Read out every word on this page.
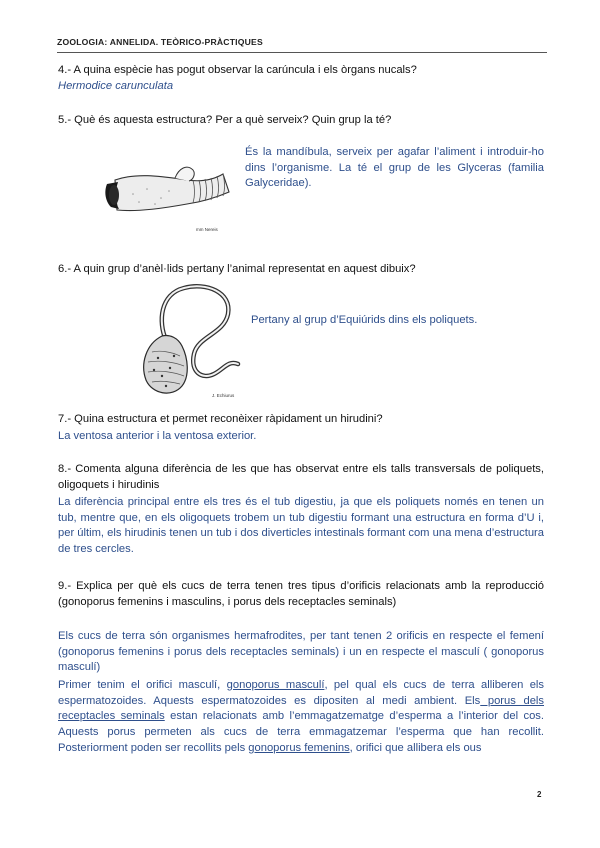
ZOOLOGIA: ANNELIDA. TEÒRICO-PRÀCTIQUES
4.- A quina espècie has pogut observar la carúncula i els òrgans nucals?
Hermodice carunculata
5.- Què és aquesta estructura? Per a què serveix? Quin grup la té?
mm Nereis
És la mandíbula, serveix per agafar l’aliment i introduir-ho dins l’organisme. La té el grup de les Glyceras (familia Galyceridae).
6.- A quin grup d’anèl·lids pertany l’animal representat en aquest dibuix?
J. Echiurus
Pertany al grup d’Equiúrids dins els poliquets.
7.- Quina estructura et permet reconèixer ràpidament un hirudini?
La ventosa anterior i la ventosa exterior.
8.- Comenta alguna diferència de les que has observat entre els talls transversals de poliquets, oligoquets i hirudinis
La diferència principal entre els tres és el tub digestiu, ja que els poliquets només en tenen un tub, mentre que, en els oligoquets trobem un tub digestiu formant una estructura en forma d’U i, per últim, els hirudinis tenen un tub i dos diverticles intestinals formant com una mena d’estructura de tres cercles.
9.- Explica per què els cucs de terra tenen tres tipus d’orificis relacionats amb la reproducció (gonoporus femenins i masculins, i porus dels receptacles seminals)
Els cucs de terra són organismes hermafrodites, per tant tenen 2 orificis en respecte el femení (gonoporus femenins i porus dels receptacles seminals) i un en respecte el masculí ( gonoporus masculí)
Primer tenim el orifici masculí, gonoporus masculí, pel qual els cucs de terra alliberen els espermatozoides. Aquests espermatozoides es dipositen al medi ambient. Els porus dels receptacles seminals estan relacionats amb l’emmagatzematge d’esperma a l’interior del cos. Aquests porus permeten als cucs de terra emmagatzemar l’esperma que han recollit. Posteriorment poden ser recollits pels gonoporus femenins, orifici que allibera els ous
2
